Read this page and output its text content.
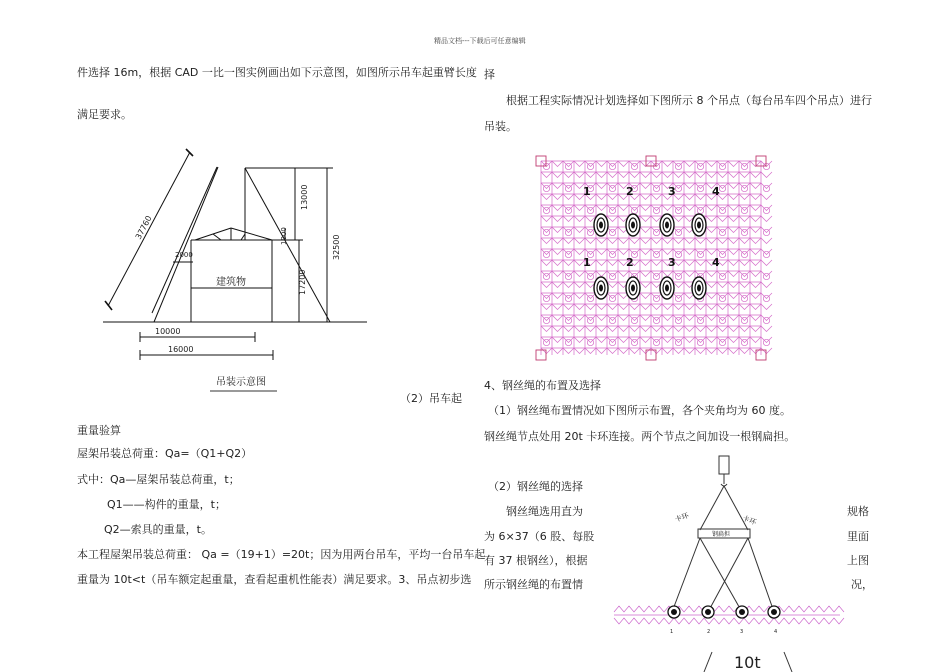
精品文档---下载后可任意编辑
件选择 16m，根据 CAD 一比一图实例画出如下示意图，如图所示吊车起重臂长度
满足要求。
37760
13000
32500
1000
17200
2000
建筑物
10000
16000
吊装示意图
（2）吊车起
重量验算
屋架吊装总荷重：Qa=（Q1+Q2）
式中：Qa—屋架吊装总荷重，t；
Q1——构件的重量，t；
Q2—索具的重量，t。
本工程屋架吊装总荷重： Qa =（19+1）=20t；因为用两台吊车，平均一台吊车起
重量为 10t<t（吊车额定起重量，查看起重机性能表）满足要求。3、吊点初步选
择
根据工程实际情况计划选择如下图所示 8 个吊点（每台吊车四个吊点）进行
吊装。
1	2	3	4
1	2	3	4
4、钢丝绳的布置及选择
（1）钢丝绳布置情况如下图所示布置，各个夹角均为 60 度。
钢丝绳节点处用 20t 卡环连接。两个节点之间加设一根钢扁担。
（2）钢丝绳的选择
钢丝绳选用直为
为 6×37（6 股、每股
有 37 根钢丝），根据
所示钢丝绳的布置情
规格
里面
上图
况，
卡环	卡环
钢扁担
1	2	3	4
10t
